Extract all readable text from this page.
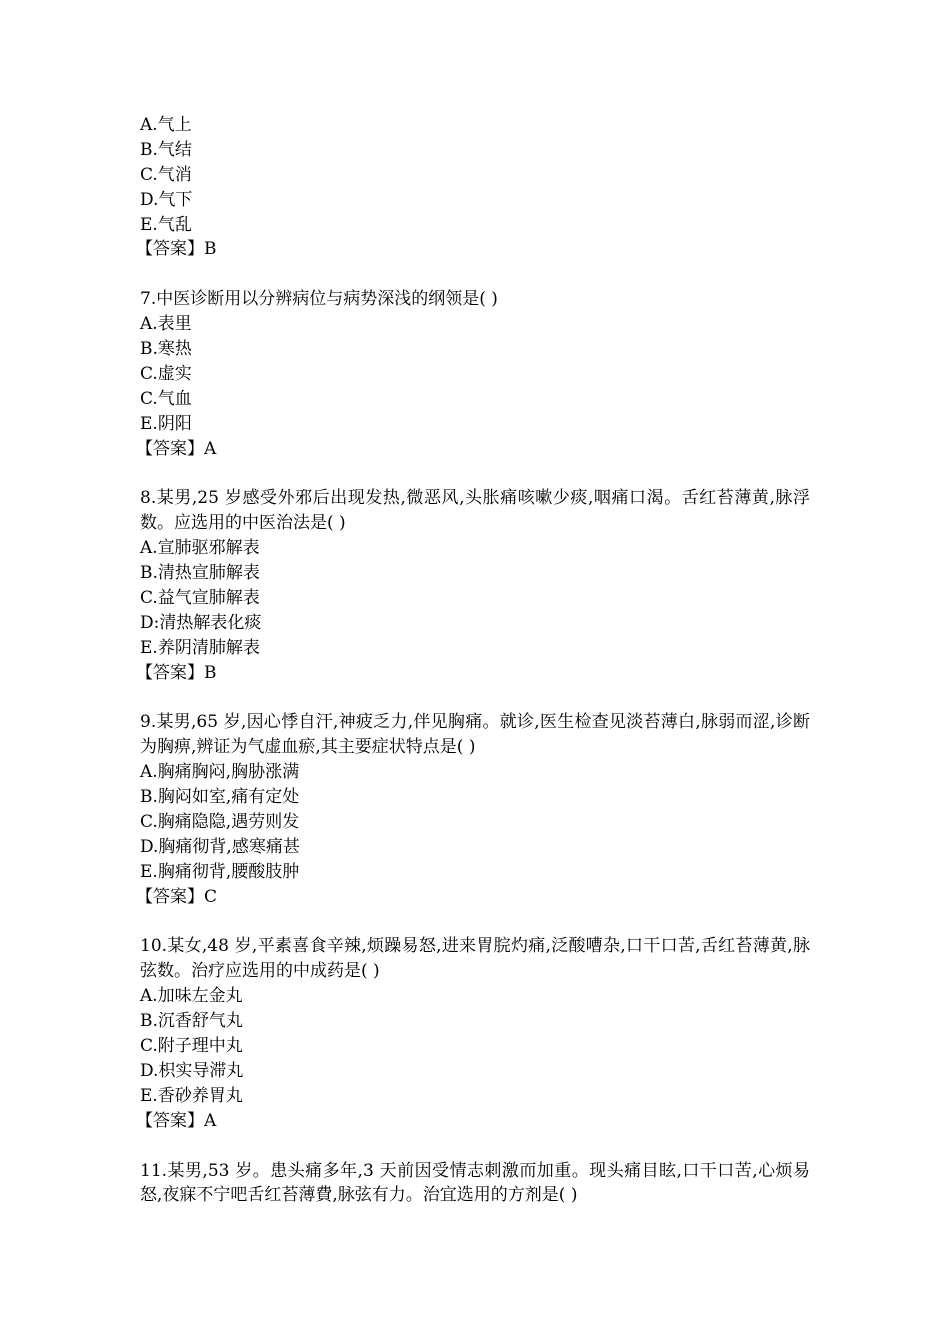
A.气上
B.气结
C.气消
D.气下
E.气乱
【答案】B
7.中医诊断用以分辨病位与病势深浅的纲领是( )
A.表里
B.寒热
C.虚实
C.气血
E.阴阳
【答案】A
8.某男,25 岁感受外邪后出现发热,微恶风,头胀痛咳嗽少痰,咽痛口渴。舌红苔薄黄,脉浮数。应选用的中医治法是( )
A.宣肺驱邪解表
B.清热宣肺解表
C.益气宣肺解表
D:清热解表化痰
E.养阴清肺解表
【答案】B
9.某男,65 岁,因心悸自汗,神疲乏力,伴见胸痛。就诊,医生检查见淡苔薄白,脉弱而涩,诊断为胸痹,辨证为气虚血瘀,其主要症状特点是( )
A.胸痛胸闷,胸胁涨满
B.胸闷如室,痛有定处
C.胸痛隐隐,遇劳则发
D.胸痛彻背,感寒痛甚
E.胸痛彻背,腰酸肢肿
【答案】C
10.某女,48 岁,平素喜食辛辣,烦躁易怒,进来胃脘灼痛,泛酸嘈杂,口干口苦,舌红苔薄黄,脉弦数。治疗应选用的中成药是( )
A.加味左金丸
B.沉香舒气丸
C.附子理中丸
D.枳实导滞丸
E.香砂养胃丸
【答案】A
11.某男,53 岁。患头痛多年,3 天前因受情志刺激而加重。现头痛目眩,口干口苦,心烦易怒,夜寐不宁吧舌红苔薄費,脉弦有力。治宜选用的方剂是( )
